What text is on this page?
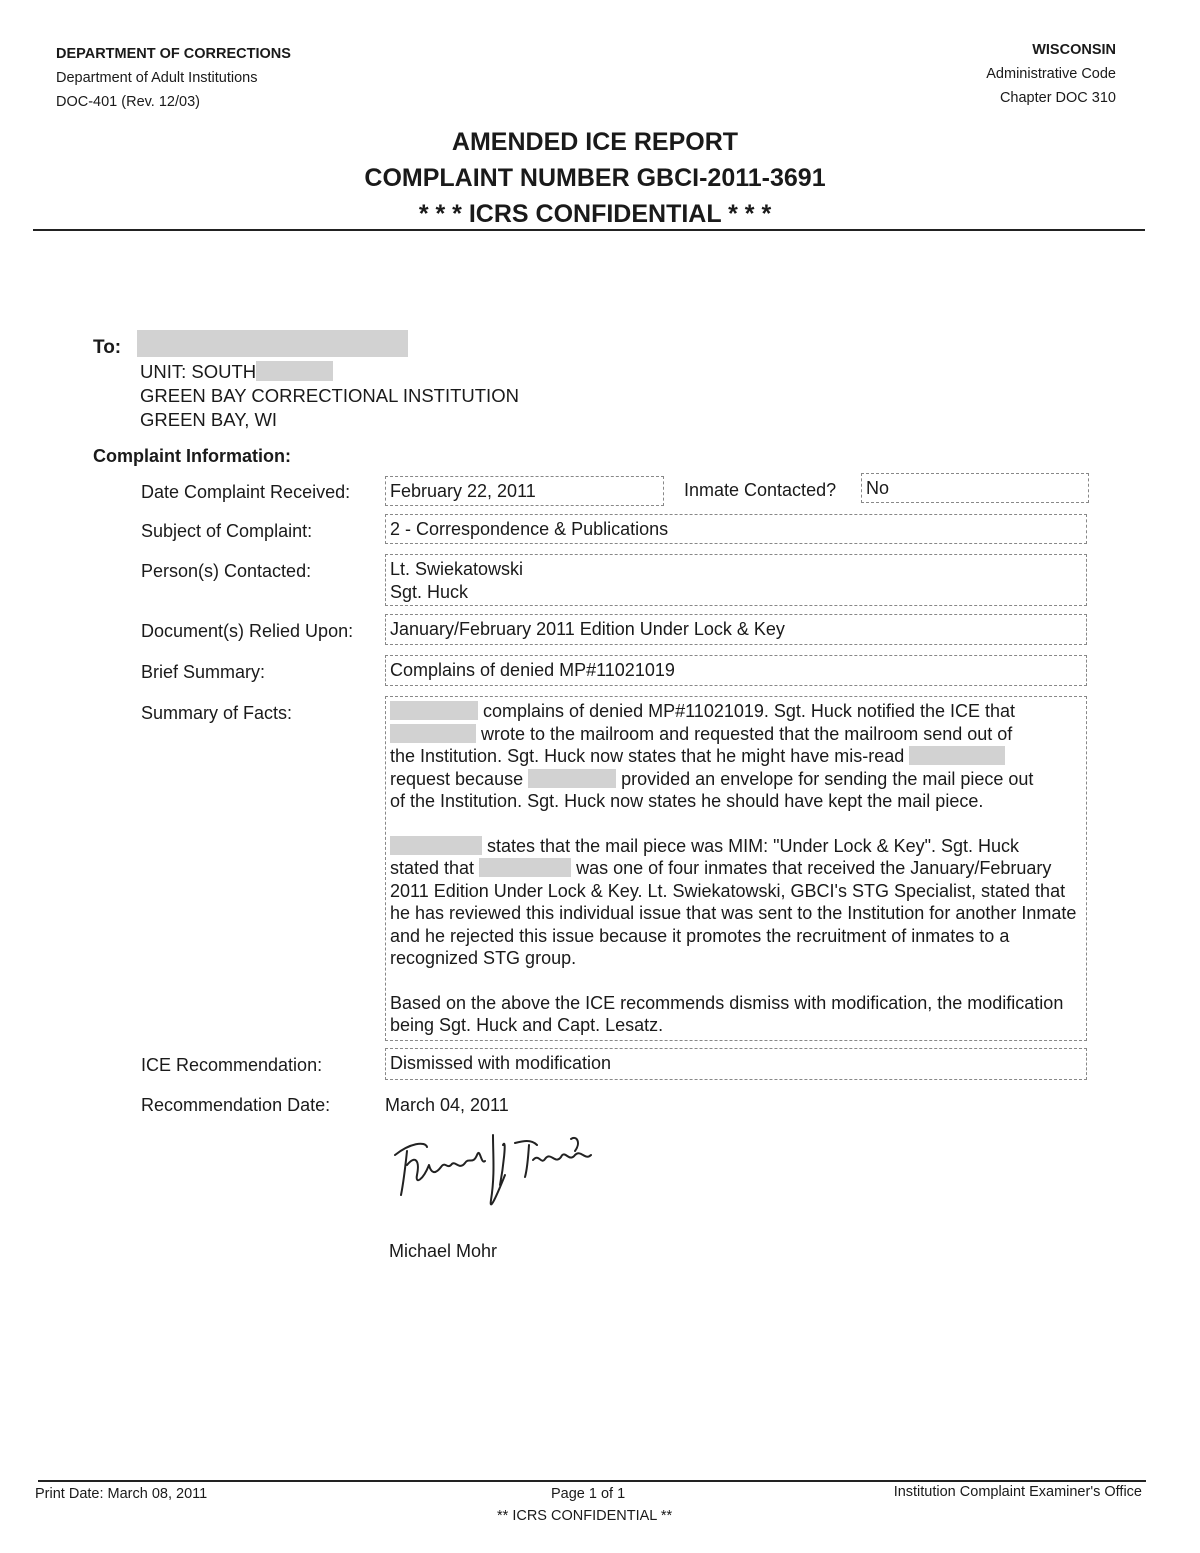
DEPARTMENT OF CORRECTIONS
Department of Adult Institutions
DOC-401 (Rev. 12/03)
WISCONSIN
Administrative Code
Chapter DOC 310
AMENDED ICE REPORT
COMPLAINT NUMBER GBCI-2011-3691
* * * ICRS CONFIDENTIAL * * *
To:
UNIT: SOUTH
GREEN BAY CORRECTIONAL INSTITUTION
GREEN BAY, WI
Complaint Information:
Date Complaint Received: February 22, 2011	Inmate Contacted? No
Subject of Complaint:	2 - Correspondence & Publications
Person(s) Contacted:	Lt. Swiekatowski

Sgt. Huck

Document(s) Relied Upon: January/February 2011 Edition Under Lock & Key
Brief Summary:	Complains of denied MP#11021019
Summary of Facts:	complains of denied MP#11021019. Sgt. Huck notified the ICE that
wrote to the mailroom and requested that the mailroom send out of
the Institution. Sgt. Huck now states that he might have mis-read
request because	provided an envelope for sending the mail piece out
of the Institution. Sgt. Huck now states he should have kept the mail piece.

states that the mail piece was MIM: "Under Lock & Key". Sgt. Huck
stated that	was one of four inmates that received the January/February 2011 Edition Under Lock & Key. Lt. Swiekatowski, GBCI's STG Specialist, stated that he has reviewed this individual issue that was sent to the Institution for another Inmate and he rejected this issue because it promotes the recruitment of inmates to a recognized STG group.

Based on the above the ICE recommends dismiss with modification, the modification being Sgt. Huck and Capt. Lesatz.

ICE Recommendation:	Dismissed with modification
Recommendation Date:	March 04, 2011
Michael Mohr
Print Date: March 08, 2011	Page 1 of 1	Institution Complaint Examiner's Office
** ICRS CONFIDENTIAL **
